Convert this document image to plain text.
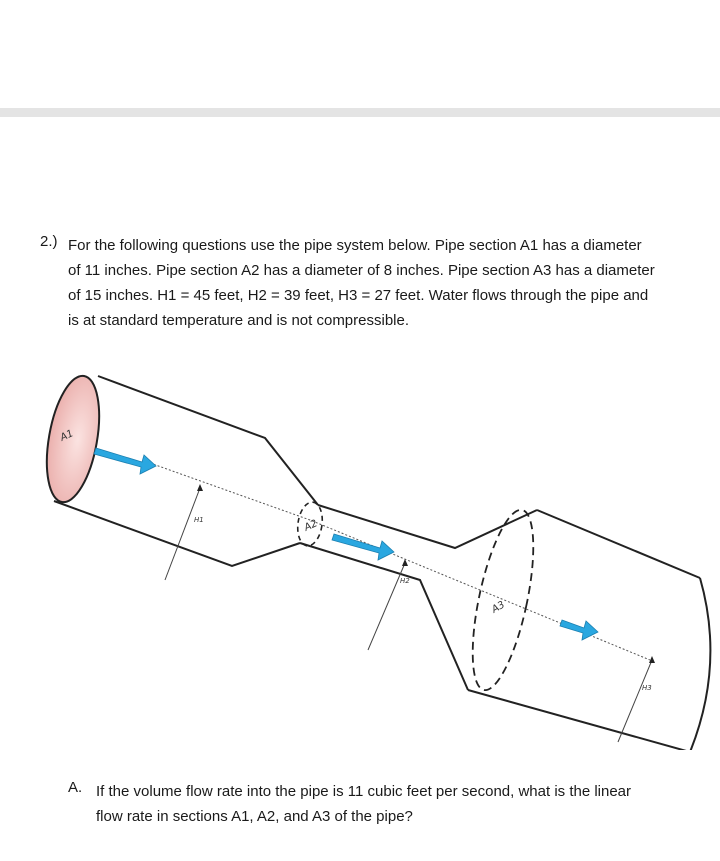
2.) For the following questions use the pipe system below. Pipe section A1 has a diameter
of 11 inches. Pipe section A2 has a diameter of 8 inches. Pipe section A3 has a diameter
of 15 inches. H1 = 45 feet, H2 = 39 feet, H3 = 27 feet. Water flows through the pipe and
is at standard temperature and is not compressible.
A1
A2
A3
H1
H2
H3
A. If the volume flow rate into the pipe is 11 cubic feet per second, what is the linear
flow rate in sections A1, A2, and A3 of the pipe?
